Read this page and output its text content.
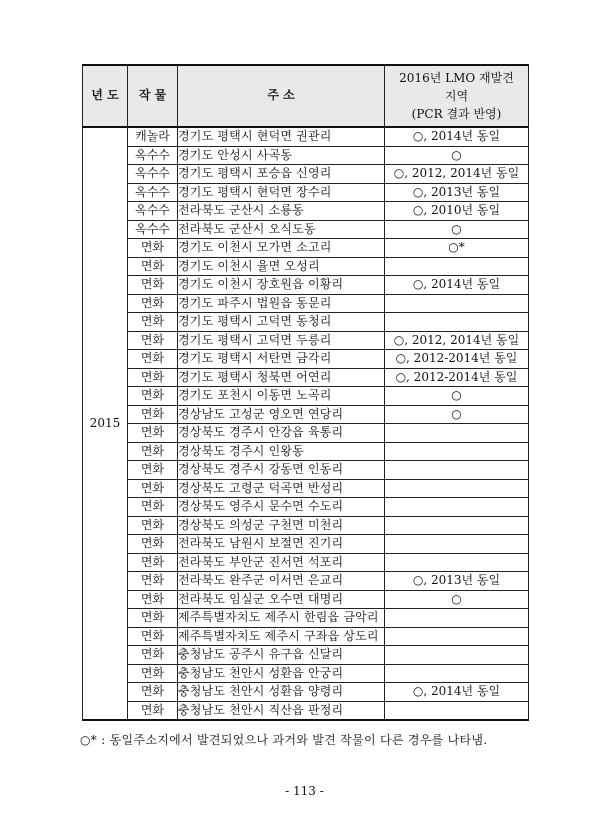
년 도	작 물	주 소	2016년 LMO 재발견
지역
(PCR 결과 반영)

2015	캐놀라	경기도 평택시 현덕면 권관리	○, 2014년 동일
	옥수수	경기도 안성시 사곡동	○
	옥수수	경기도 평택시 포승읍 신영리	○, 2012, 2014년 동일
	옥수수	경기도 평택시 현덕면 장수리	○, 2013년 동일
	옥수수	전라북도 군산시 소룡동	○, 2010년 동일
	옥수수	전라북도 군산시 오식도동	○
	면화	경기도 이천시 모가면 소고리	○*
	면화	경기도 이천시 율면 오성리	
	면화	경기도 이천시 장호원읍 이황리	○, 2014년 동일
	면화	경기도 파주시 법원읍 동문리	
	면화	경기도 평택시 고덕면 동청리	
	면화	경기도 평택시 고덕면 두릉리	○, 2012, 2014년 동일
	면화	경기도 평택시 서탄면 금각리	○, 2012-2014년 동일
	면화	경기도 평택시 청북면 어연리	○, 2012-2014년 동일
	면화	경기도 포천시 이동면 노곡리	○
	면화	경상남도 고성군 영오면 연당리	○
	면화	경상북도 경주시 안강읍 육통리	
	면화	경상북도 경주시 인왕동	
	면화	경상북도 경주시 강동면 인동리	
	면화	경상북도 고령군 덕곡면 반성리	
	면화	경상북도 영주시 문수면 수도리	
	면화	경상북도 의성군 구천면 미천리	
	면화	전라북도 남원시 보절면 진기리	
	면화	전라북도 부안군 진서면 석포리	
	면화	전라북도 완주군 이서면 은교리	○, 2013년 동일
	면화	전라북도 임실군 오수면 대명리	○
	면화	제주특별자치도 제주시 한림읍 금악리	
	면화	제주특별자치도 제주시 구좌읍 상도리	
	면화	충청남도 공주시 유구읍 신달리	
	면화	충청남도 천안시 성환읍 안궁리	
	면화	충청남도 천안시 성환읍 양령리	○, 2014년 동일
	면화	충청남도 천안시 직산읍 판정리	
○* : 동일주소지에서 발견되었으나 과거와 발견 작물이 다른 경우를 나타냄.
- 113 -
